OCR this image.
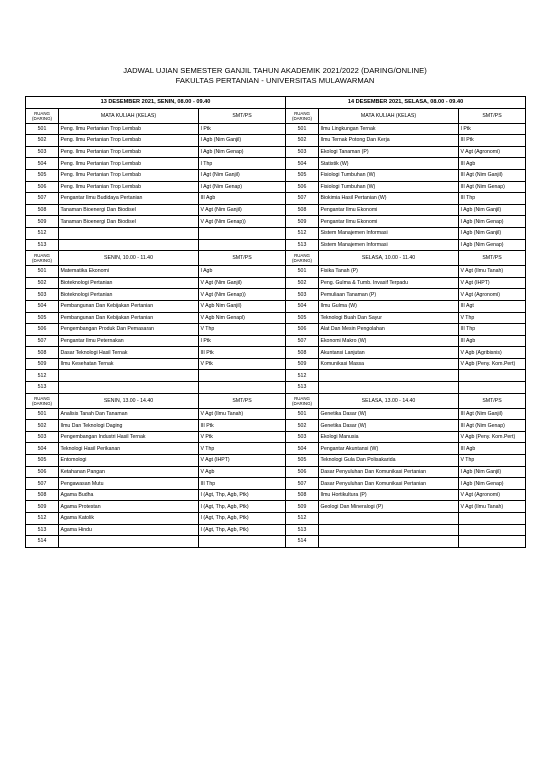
JADWAL UJIAN SEMESTER GANJIL TAHUN AKADEMIK 2021/2022 (DARING/ONLINE)
FAKULTAS PERTANIAN - UNIVERSITAS MULAWARMAN
13 DESEMBER 2021, SENIN, 08.00 - 09.40			14 DESEMBER 2021, SELASA, 08.00 - 09.40		
RUANG (DARING)	MATA KULIAH (KELAS)	SMT/PS	RUANG (DARING)	MATA KULIAH (KELAS)	SMT/PS
501	Peng. Ilmu Pertanian Trop Lembab	I Ptk	501	Ilmu Lingkungan Ternak	I Ptk
502	Peng. Ilmu Pertanian Trop Lembab	I Agb (Nim Ganjil)	502	Ilmu Ternak Potong Dan Kerja	III Ptk
503	Peng. Ilmu Pertanian Trop Lembab	I Agb (Nim Genap)	503	Ekologi Tanaman (P)	V Agt (Agronomi)
504	Peng. Ilmu Pertanian Trop Lembab	I Thp	504	Statistik (W)	III Agb
505	Peng. Ilmu Pertanian Trop Lembab	I Agt (Nim Ganjil)	505	Fisiologi Tumbuhan (W)	III Agt (Nim Ganjil)
506	Peng. Ilmu Pertanian Trop Lembab	I Agt (Nim Genap)	506	Fisiologi Tumbuhan (W)	III Agt (Nim Genap)
507	Pengantar Ilmu Budidaya Pertanian	III Agb	507	Biokimia Hasil Pertanian (W)	III Thp
508	Tanaman Bioenergi Dan Biodisel	V Agt (Nim Ganjil)	508	Pengantar Ilmu Ekonomi	I Agb (Nim Ganjil)
509	Tanaman Bioenergi Dan Biodisel	V Agt (Nim Genap))	509	Pengantar Ilmu Ekonomi	I Agb (Nim Genap)
512			512	Sistem Manajemen Informasi	I Agb (Nim Ganjil)
513			513	Sistem Manajemen Informasi	I Agb (Nim Genap)
RUANG (DARING)	SENIN, 10.00 - 11.40	SMT/PS	RUANG (DARING)	SELASA, 10.00 - 11.40	SMT/PS
501	Matematika Ekonomi	I Agb	501	Fisika Tanah (P)	V Agt (Ilmu Tanah)
502	Bioteknologi Pertanian	V Agt (Nim Ganjil)	502	Peng. Gulma & Tumb. Invasif Terpadu	V Agt (IHPT)
503	Bioteknologi Pertanian	V Agt (Nim Genap))	503	Pemuliaan Tanaman (P)	V Agt (Agronomi)
504	Pembangunan Dan Kebijakan Pertanian	V Agb Nim Ganjil)	504	Ilmu Gulma (W)	III Agt
505	Pembangunan Dan Kebijakan Pertanian	V Agb Nim Genapl)	505	Teknologi Buah Dan Sayur	V Thp
506	Pengembangan Produk Dan Pemasaran	V Thp	506	Alat Dan Mesin Pengolahan	III Thp
507	Pengantar Ilmu Peternakan	I Ptk	507	Ekonomi Makro (W)	III Agb
508	Dasar Teknologi Hasil Ternak	III Ptk	508	Akuntansi Lanjutan	V Agb (Agribisnis)
509	Ilmu Kesehatan Ternak	V Ptk	509	Komunikasi Massa	V Agb (Peny. Kom.Pert)
512			512		
513			513		
RUANG (DARING)	SENIN, 13.00 - 14.40	SMT/PS	RUANG (DARING)	SELASA, 13.00 - 14.40	SMT/PS
501	Analisis Tanah Dan Tanaman	V Agt (Ilmu Tanah)	501	Genetika Dasar (W)	III Agt (Nim Ganjil)
502	Ilmu Dan Teknologi Daging	III Ptk	502	Genetika Dasar (W)	III Agt (Nim Genap)
503	Pengembangan Industri Hasil Ternak	V Ptk	503	Ekologi Manusia	V Agb (Peny. Kom.Pert)
504	Teknologi Hasil Perikanan	V Thp	504	Pengantar Akuntansi (W)	III Agb
505	Entomologi	V Agt (IHPT)	505	Teknologi Gula Dan Polisakarida	V Thp
506	Ketahanan Pangan	V Agb	506	Dasar Penyuluhan Dan Komunikasi Pertanian	I Agb (Nim Ganjil)
507	Pengawasan Mutu	III Thp	507	Dasar Penyuluhan Dan Komunikasi Pertanian	I Agb (Nim Genap)
508	Agama Budha	I (Agt, Thp, Agb, Ptk)	508	Ilmu Hortikultura (P)	V Agt (Agronomi)
509	Agama Protestan	I (Agt, Thp, Agb, Ptk)	509	Geologi Dan Mineralogi (P)	V Agt (Ilmu Tanah)
512	Agama Katolik	I (Agt, Thp, Agb, Ptk)	512		
513	Agama Hindu	I (Agt, Thp, Agb, Ptk)	513		
514			514		
